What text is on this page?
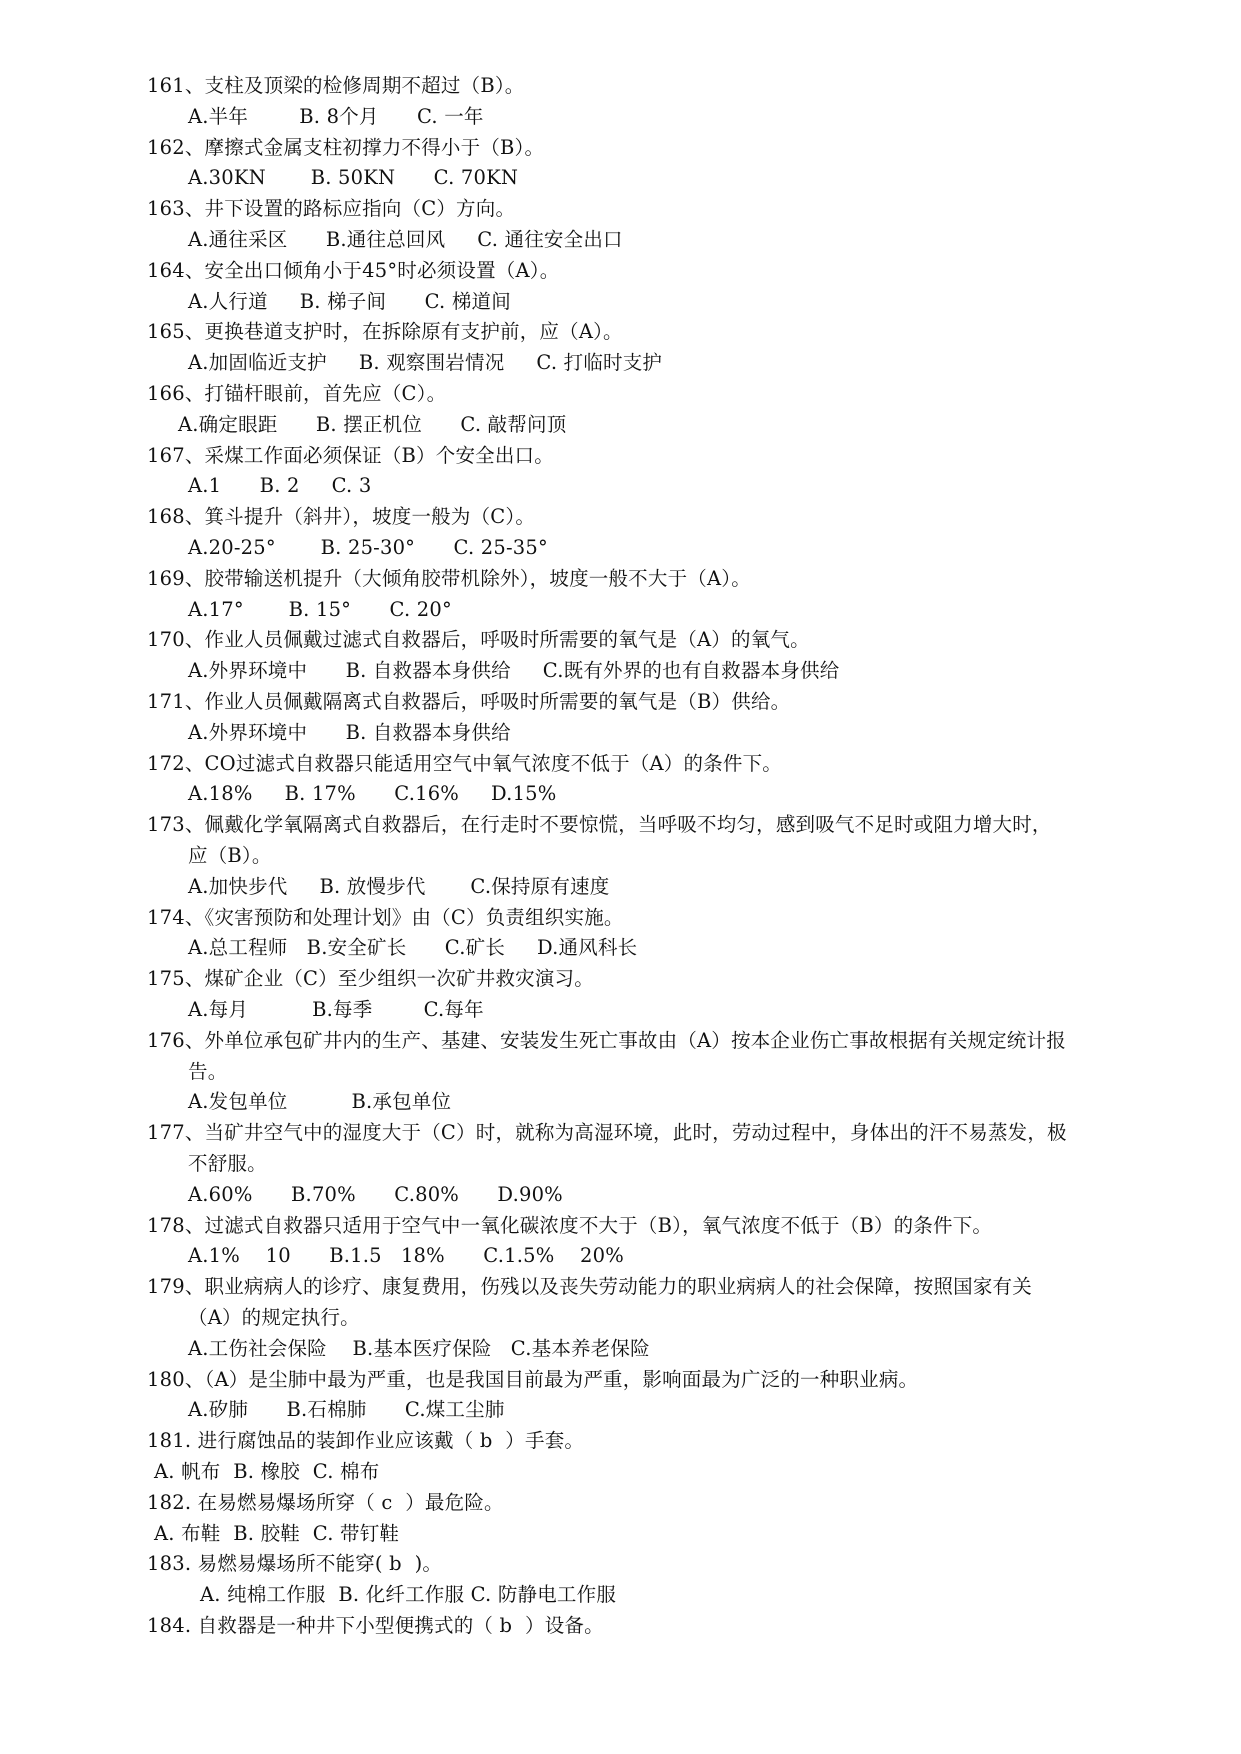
161、支柱及顶梁的检修周期不超过（B）。
A.半年        B. 8个月      C. 一年
162、摩擦式金属支柱初撑力不得小于（B）。
A.30KN       B. 50KN      C. 70KN
163、井下设置的路标应指向（C）方向。
A.通往采区      B.通往总回风     C. 通往安全出口
164、安全出口倾角小于45°时必须设置（A）。
A.人行道     B. 梯子间      C. 梯道间
165、更换巷道支护时，在拆除原有支护前，应（A）。
A.加固临近支护     B. 观察围岩情况     C. 打临时支护
166、打锚杆眼前，首先应（C）。
A.确定眼距      B. 摆正机位      C. 敲帮问顶
167、采煤工作面必须保证（B）个安全出口。
A.1      B. 2     C. 3
168、箕斗提升（斜井），坡度一般为（C）。
A.20-25°       B. 25-30°      C. 25-35°
169、胶带输送机提升（大倾角胶带机除外），坡度一般不大于（A）。
A.17°       B. 15°      C. 20°
170、作业人员佩戴过滤式自救器后，呼吸时所需要的氧气是（A）的氧气。
A.外界环境中      B. 自救器本身供给     C.既有外界的也有自救器本身供给
171、作业人员佩戴隔离式自救器后，呼吸时所需要的氧气是（B）供给。
A.外界环境中      B. 自救器本身供给
172、CO过滤式自救器只能适用空气中氧气浓度不低于（A）的条件下。
A.18%     B. 17%      C.16%     D.15%
173、佩戴化学氧隔离式自救器后，在行走时不要惊慌，当呼吸不均匀，感到吸气不足时或阻力增大时，
应（B）。
A.加快步代     B. 放慢步代       C.保持原有速度
174、《灾害预防和处理计划》由（C）负责组织实施。
A.总工程师   B.安全矿长      C.矿长     D.通风科长
175、煤矿企业（C）至少组织一次矿井救灾演习。
A.每月          B.每季        C.每年
176、外单位承包矿井内的生产、基建、安装发生死亡事故由（A）按本企业伤亡事故根据有关规定统计报
告。
A.发包单位          B.承包单位
177、当矿井空气中的湿度大于（C）时，就称为高湿环境，此时，劳动过程中，身体出的汗不易蒸发，极
不舒服。
A.60%      B.70%      C.80%      D.90%
178、过滤式自救器只适用于空气中一氧化碳浓度不大于（B），氧气浓度不低于（B）的条件下。
A.1%    10      B.1.5   18%      C.1.5%    20%
179、职业病病人的诊疗、康复费用，伤残以及丧失劳动能力的职业病病人的社会保障，按照国家有关
（A）的规定执行。
A.工伤社会保险    B.基本医疗保险   C.基本养老保险
180、（A）是尘肺中最为严重，也是我国目前最为严重，影响面最为广泛的一种职业病。
A.矽肺      B.石棉肺      C.煤工尘肺
181. 进行腐蚀品的装卸作业应该戴（ b  ）手套。
A. 帆布  B. 橡胶  C. 棉布
182. 在易燃易爆场所穿（ c  ）最危险。
A. 布鞋  B. 胶鞋  C. 带钉鞋
183. 易燃易爆场所不能穿( b  )。
A. 纯棉工作服  B. 化纤工作服 C. 防静电工作服
184. 自救器是一种井下小型便携式的（ b  ）设备。
